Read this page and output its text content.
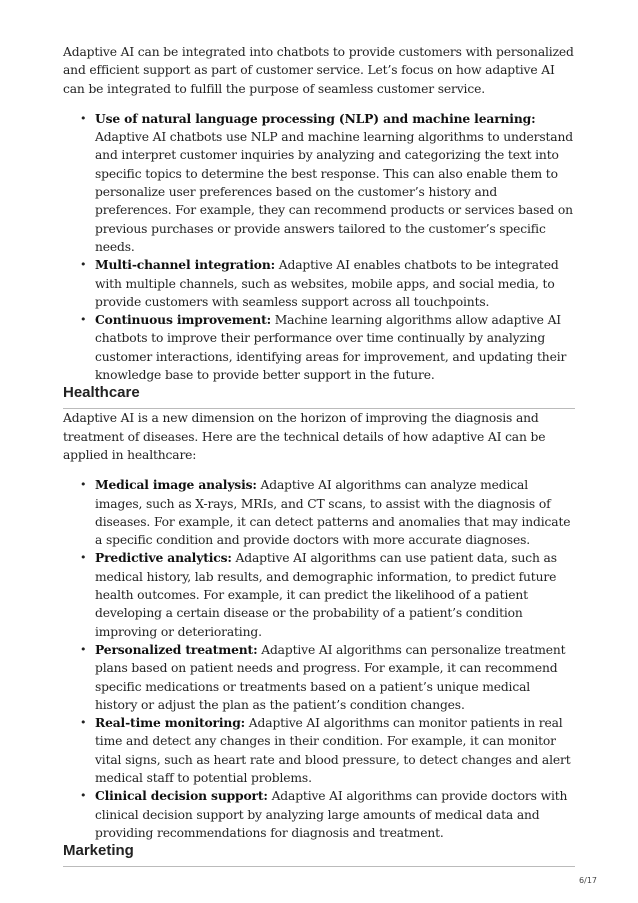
Adaptive AI can be integrated into chatbots to provide customers with personalized and efficient support as part of customer service. Let’s focus on how adaptive AI can be integrated to fulfill the purpose of seamless customer service.

• Use of natural language processing (NLP) and machine learning: Adaptive AI chatbots use NLP and machine learning algorithms to understand and interpret customer inquiries by analyzing and categorizing the text into specific topics to determine the best response. This can also enable them to personalize user preferences based on the customer’s history and preferences. For example, they can recommend products or services based on previous purchases or provide answers tailored to the customer’s specific needs.
• Multi-channel integration: Adaptive AI enables chatbots to be integrated with multiple channels, such as websites, mobile apps, and social media, to provide customers with seamless support across all touchpoints.
• Continuous improvement: Machine learning algorithms allow adaptive AI chatbots to improve their performance over time continually by analyzing customer interactions, identifying areas for improvement, and updating their knowledge base to provide better support in the future.
Healthcare

Adaptive AI is a new dimension on the horizon of improving the diagnosis and treatment of diseases. Here are the technical details of how adaptive AI can be applied in healthcare:

• Medical image analysis: Adaptive AI algorithms can analyze medical images, such as X-rays, MRIs, and CT scans, to assist with the diagnosis of diseases. For example, it can detect patterns and anomalies that may indicate a specific condition and provide doctors with more accurate diagnoses.
• Predictive analytics: Adaptive AI algorithms can use patient data, such as medical history, lab results, and demographic information, to predict future health outcomes. For example, it can predict the likelihood of a patient developing a certain disease or the probability of a patient’s condition improving or deteriorating.
• Personalized treatment: Adaptive AI algorithms can personalize treatment plans based on patient needs and progress. For example, it can recommend specific medications or treatments based on a patient’s unique medical history or adjust the plan as the patient’s condition changes.
• Real-time monitoring: Adaptive AI algorithms can monitor patients in real time and detect any changes in their condition. For example, it can monitor vital signs, such as heart rate and blood pressure, to detect changes and alert medical staff to potential problems.
• Clinical decision support: Adaptive AI algorithms can provide doctors with clinical decision support by analyzing large amounts of medical data and providing recommendations for diagnosis and treatment.
Marketing
6/17
